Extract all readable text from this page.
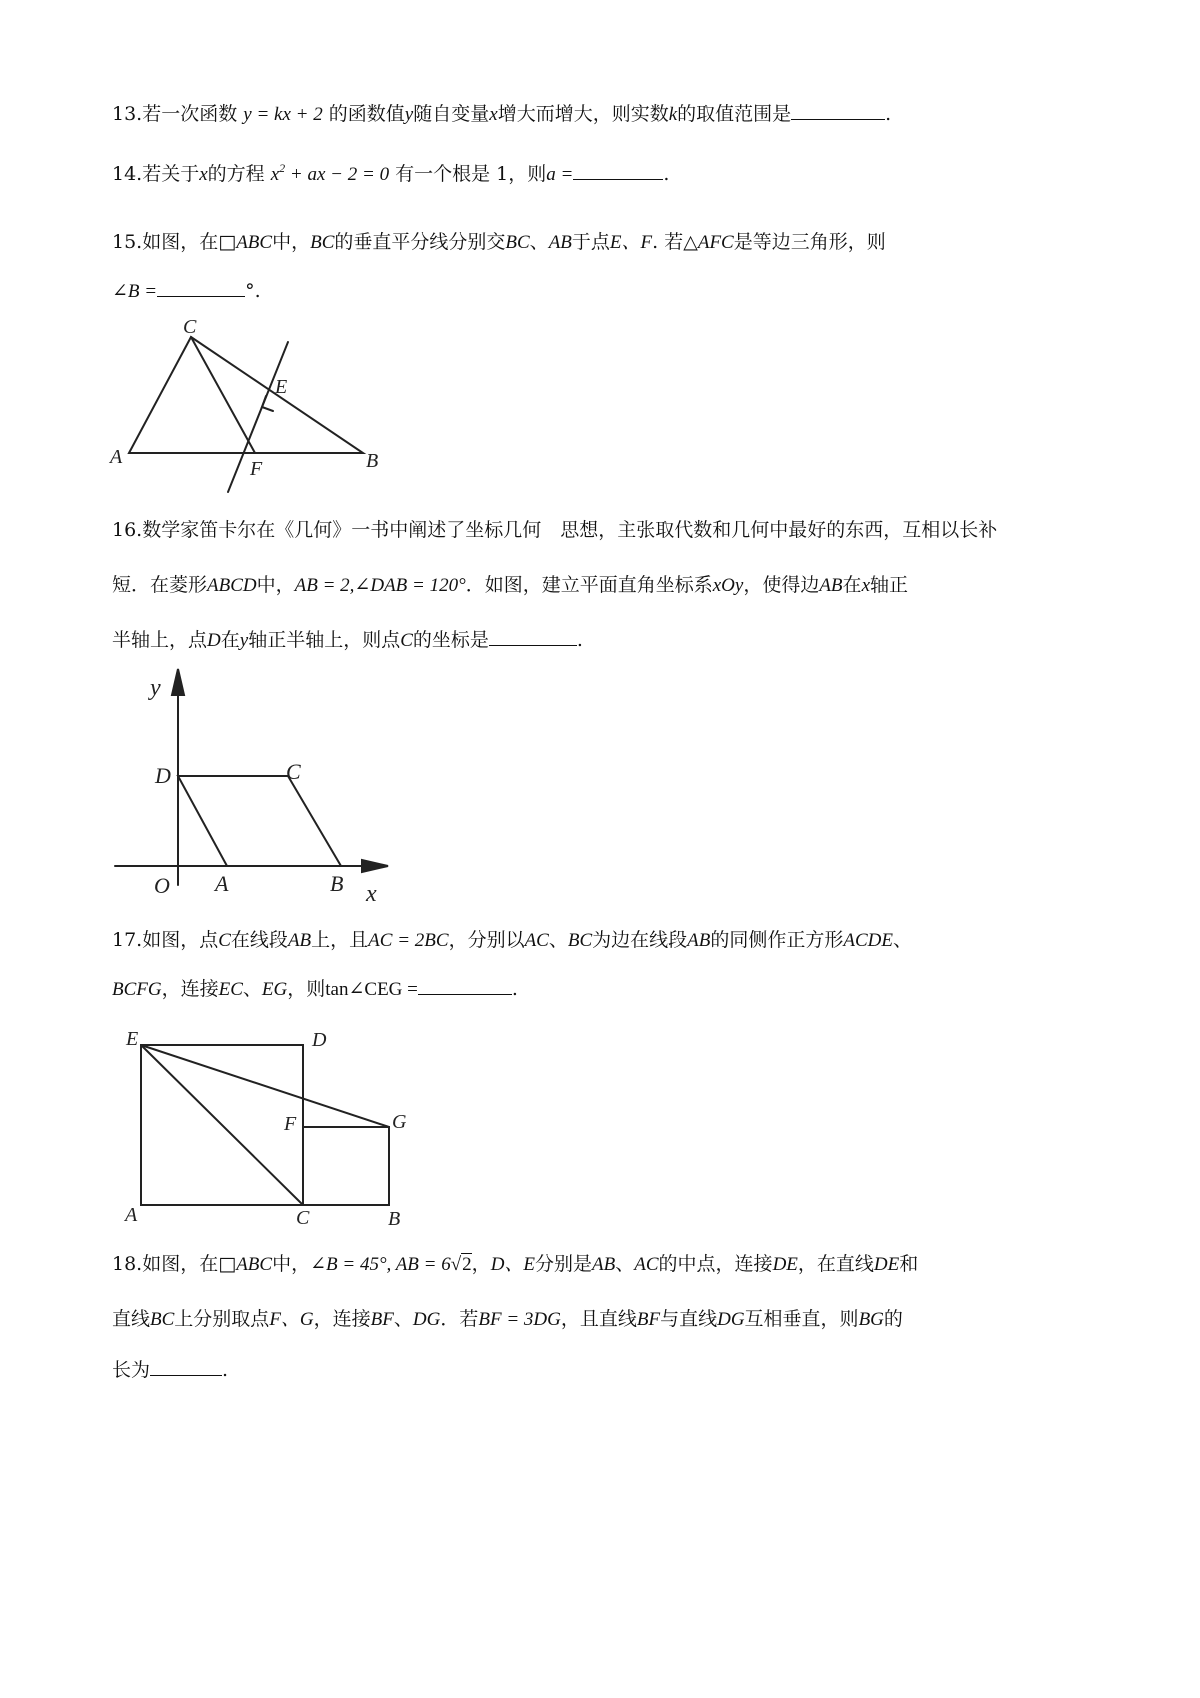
13.若一次函数 y = kx + 2 的函数值y随自变量x增大而增大，则实数k的取值范围是	.

14.若关于x的方程 $x^2$ + ax − 2 = 0 有一个根是 1，则a =	.

15.如图，在□ABC中，BC的垂直平分线分别交BC、AB于点E、F. 若△AFC是等边三角形，则

∠B =	°.

C
E
A
F	B

16.数学家笛卡尔在《几何》一书中阐述了坐标几何　思想，主张取代数和几何中最好的东西，互相以长补

短．在菱形ABCD中，AB = 2,∠DAB = 120°．如图，建立平面直角坐标系xOy，使得边AB在x轴正

半轴上，点D在y轴正半轴上，则点C的坐标是	.

y
D	C
O A	B x

17.如图，点C在线段AB上，且AC = 2BC，分别以AC、BC为边在线段AB的同侧作正方形ACDE、

BCFG，连接EC、EG，则tan∠CEG =	.

E	D
F	G
A	C	B

18.如图，在□ABC中，∠B = 45°, AB = 6√2，D、E分别是AB、AC的中点，连接DE，在直线DE和

直线BC上分别取点F、G，连接BF、DG．若BF = 3DG，且直线BF与直线DG互相垂直，则BG的

长为	.
